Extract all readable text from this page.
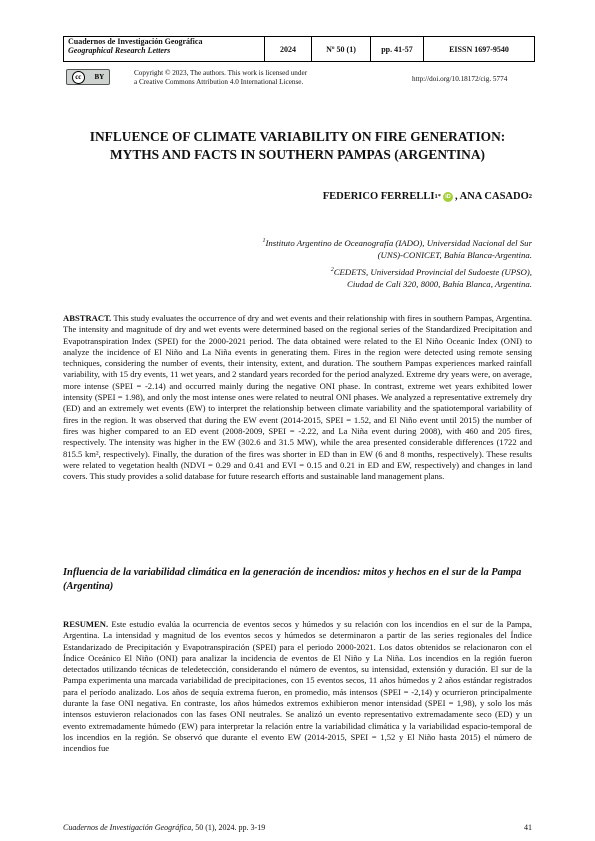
Cuadernos de Investigación Geográfica
Geographical Research Letters	2024	Nº 50 (1)	pp. 41-57	EISSN 1697-9540
cc	BY	Copyright © 2023, The authors. This work is licensed under
a Creative Commons Attribution 4.0 International License.	http://doi.org/10.18172/cig. 5774
INFLUENCE OF CLIMATE VARIABILITY ON FIRE GENERATION:
MYTHS AND FACTS IN SOUTHERN PAMPAS (ARGENTINA)
FEDERICO FERRELLI 1* iD , ANA CASADO 2
$^1$Instituto Argentino de Oceanografía (IADO), Universidad Nacional del Sur
(UNS)-CONICET, Bahía Blanca-Argentina.
$^2$CEDETS, Universidad Provincial del Sudoeste (UPSO),
Ciudad de Cali 320, 8000, Bahía Blanca, Argentina.
ABSTRACT. This study evaluates the occurrence of dry and wet events and their relationship with fires in southern Pampas, Argentina. The intensity and magnitude of dry and wet events were determined based on the regional series of the Standardized Precipitation and Evapotranspiration Index (SPEI) for the 2000-2021 period. The data obtained were related to the El Niño Oceanic Index (ONI) to analyze the incidence of El Niño and La Niña events in generating them. Fires in the region were detected using remote sensing techniques, considering the number of events, their intensity, extent, and duration. The southern Pampas experiences marked rainfall variability, with 15 dry events, 11 wet years, and 2 standard years recorded for the period analyzed. Extreme dry years were, on average, more intense (SPEI = -2.14) and occurred mainly during the negative ONI phase. In contrast, extreme wet years exhibited lower intensity (SPEI = 1.98), and only the most intense ones were related to neutral ONI phases. We analyzed a representative extremely dry (ED) and an extremely wet events (EW) to interpret the relationship between climate variability and the spatiotemporal variability of fires in the region. It was observed that during the EW event (2014-2015, SPEI = 1.52, and El Niño event until 2015) the number of fires was higher compared to an ED event (2008-2009, SPEI = -2.22, and La Niña event during 2008), with 460 and 205 fires, respectively. The intensity was higher in the EW (302.6 and 31.5 MW), while the area presented considerable differences (1722 and 815.5 km², respectively). Finally, the duration of the fires was shorter in ED than in EW (6 and 8 months, respectively). These results were related to vegetation health (NDVI = 0.29 and 0.41 and EVI = 0.15 and 0.21 in ED and EW, respectively) and changes in land covers. This study provides a solid database for future research efforts and sustainable land management plans.
Influencia de la variabilidad climática en la generación de incendios: mitos y hechos en el sur de la Pampa (Argentina)
RESUMEN. Este estudio evalúa la ocurrencia de eventos secos y húmedos y su relación con los incendios en el sur de la Pampa, Argentina. La intensidad y magnitud de los eventos secos y húmedos se determinaron a partir de las series regionales del Índice Estandarizado de Precipitación y Evapotranspiración (SPEI) para el periodo 2000-2021. Los datos obtenidos se relacionaron con el Índice Oceánico El Niño (ONI) para analizar la incidencia de eventos de El Niño y La Niña. Los incendios en la región fueron detectados utilizando técnicas de teledetección, considerando el número de eventos, su intensidad, extensión y duración. El sur de la Pampa experimenta una marcada variabilidad de precipitaciones, con 15 eventos secos, 11 años húmedos y 2 años estándar registrados para el período analizado. Los años de sequía extrema fueron, en promedio, más intensos (SPEI = -2,14) y ocurrieron principalmente durante la fase ONI negativa. En contraste, los años húmedos extremos exhibieron menor intensidad (SPEI = 1,98), y solo los más intensos estuvieron relacionados con las fases ONI neutrales. Se analizó un evento representativo extremadamente seco (ED) y un evento extremadamente húmedo (EW) para interpretar la relación entre la variabilidad climática y la variabilidad espacio-temporal de los incendios en la región. Se observó que durante el evento EW (2014-2015, SPEI = 1,52 y El Niño hasta 2015) el número de incendios fue
Cuadernos de Investigación Geográfica, 50 (1), 2024. pp. 3-19	41
